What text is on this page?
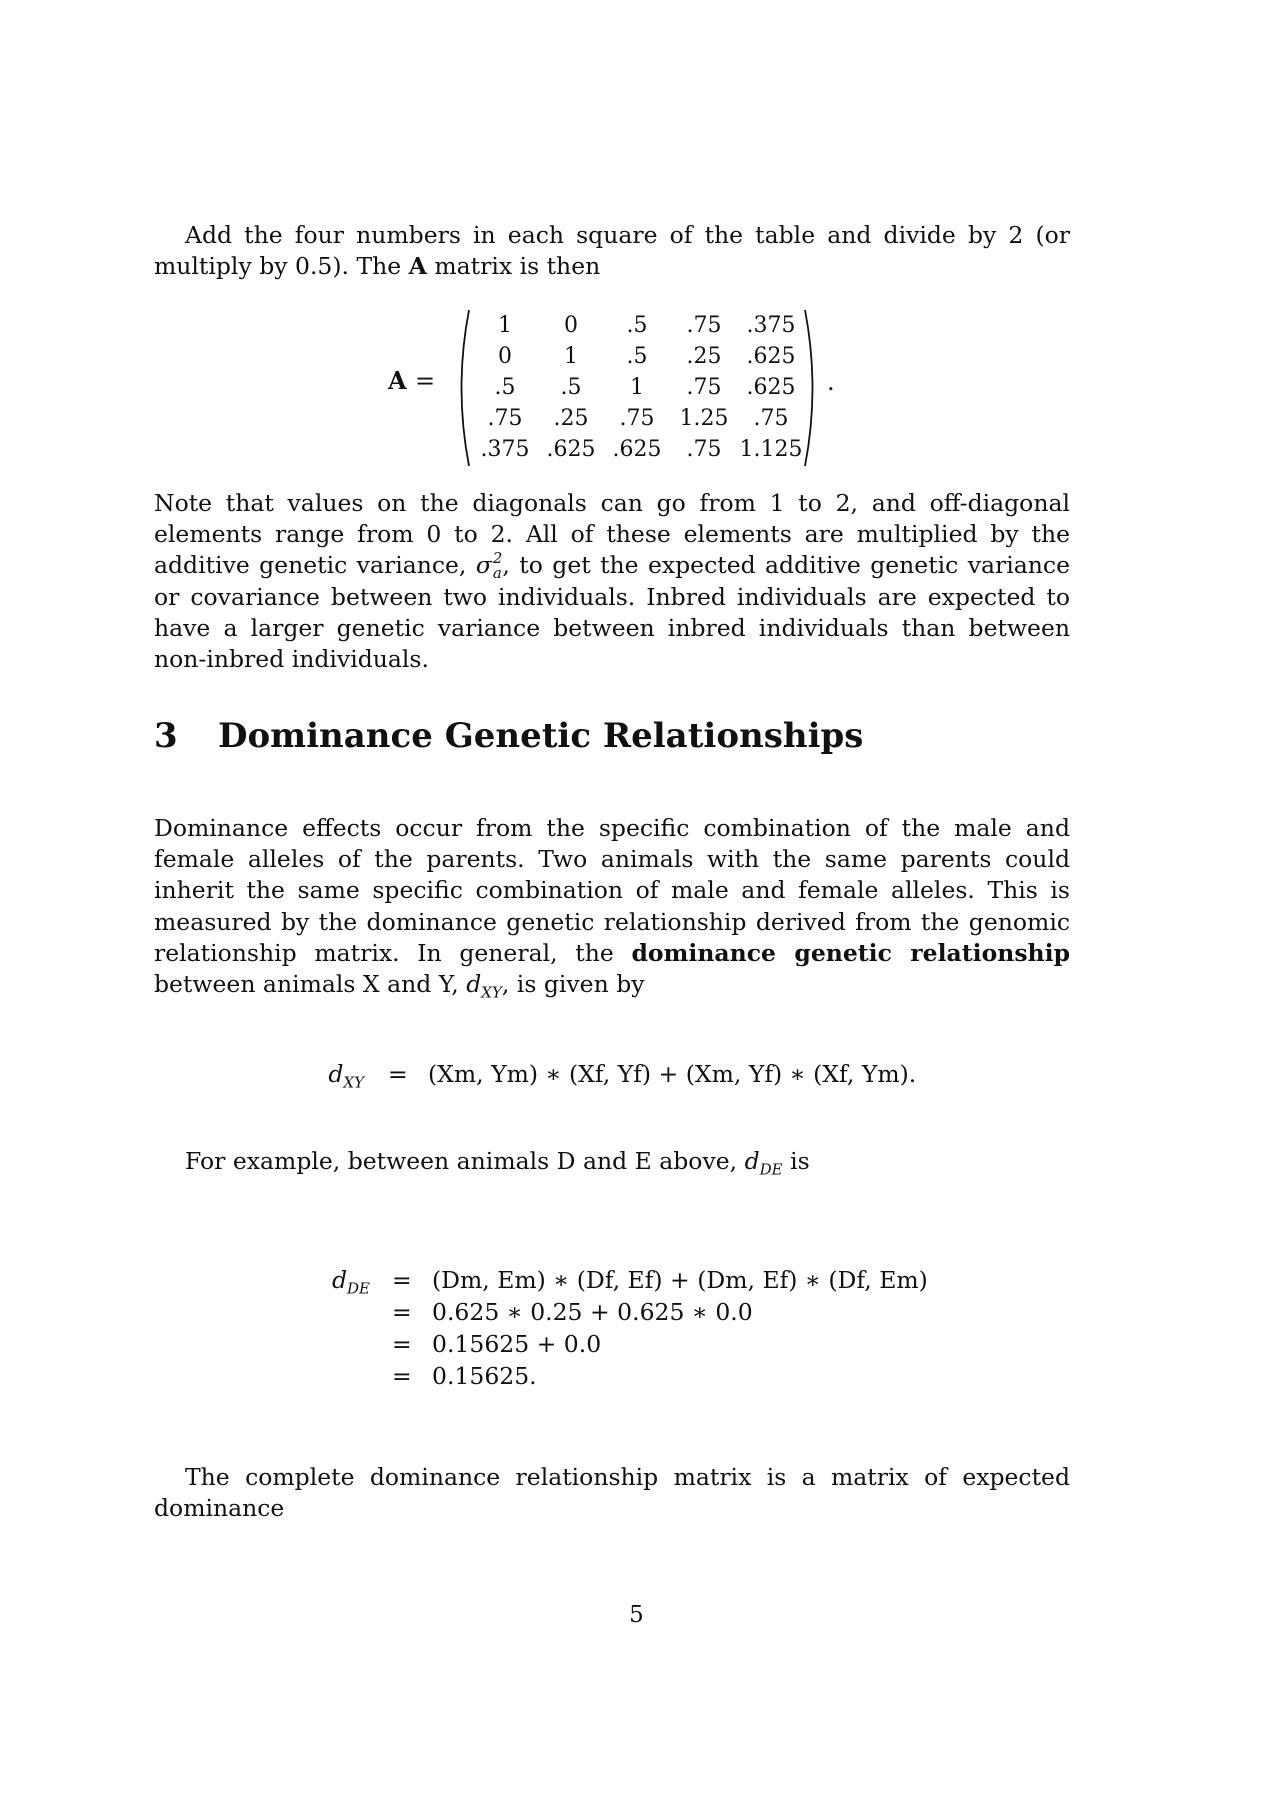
Add the four numbers in each square of the table and divide by 2 (or multiply by 0.5). The A matrix is then

A =
1	0	.5	.75	.375
0	1	.5	.25	.625
.5	.5	1	.75	.625
.75	.25	.75	1.25	.75
.375 .625 .625	.75 1.125
.

Note that values on the diagonals can go from 1 to 2, and off-diagonal elements range from 0 to 2. All of these elements are multiplied by the additive genetic variance, σ 2
a , to get the expected additive genetic variance or covariance between two individuals. Inbred individuals are expected to have a larger genetic variance between inbred individuals than between non-inbred individuals.

3 Dominance Genetic Relationships

Dominance effects occur from the specific combination of the male and female alleles of the parents. Two animals with the same parents could inherit the same specific combination of male and female alleles. This is measured by the dominance genetic relationship derived from the genomic relationship matrix. In general, the dominance genetic relationship between animals X and Y, $d_{XY}$, is given by

$d_{XY} = (Xm$, Ym) ∗ (Xf, Yf) + (Xm, Yf) ∗ (Xf, Ym).

For example, between animals D and E above, $d_{DE}$ is

$d_{DE} = (Dm$, Em) ∗ (Df, Ef) + (Dm, Ef) ∗ (Df, Em)
= 0.625 ∗ 0.25 + 0.625 ∗ 0.0
= 0.15625 + 0.0
= 0.15625.

The complete dominance relationship matrix is a matrix of expected dominance

5
